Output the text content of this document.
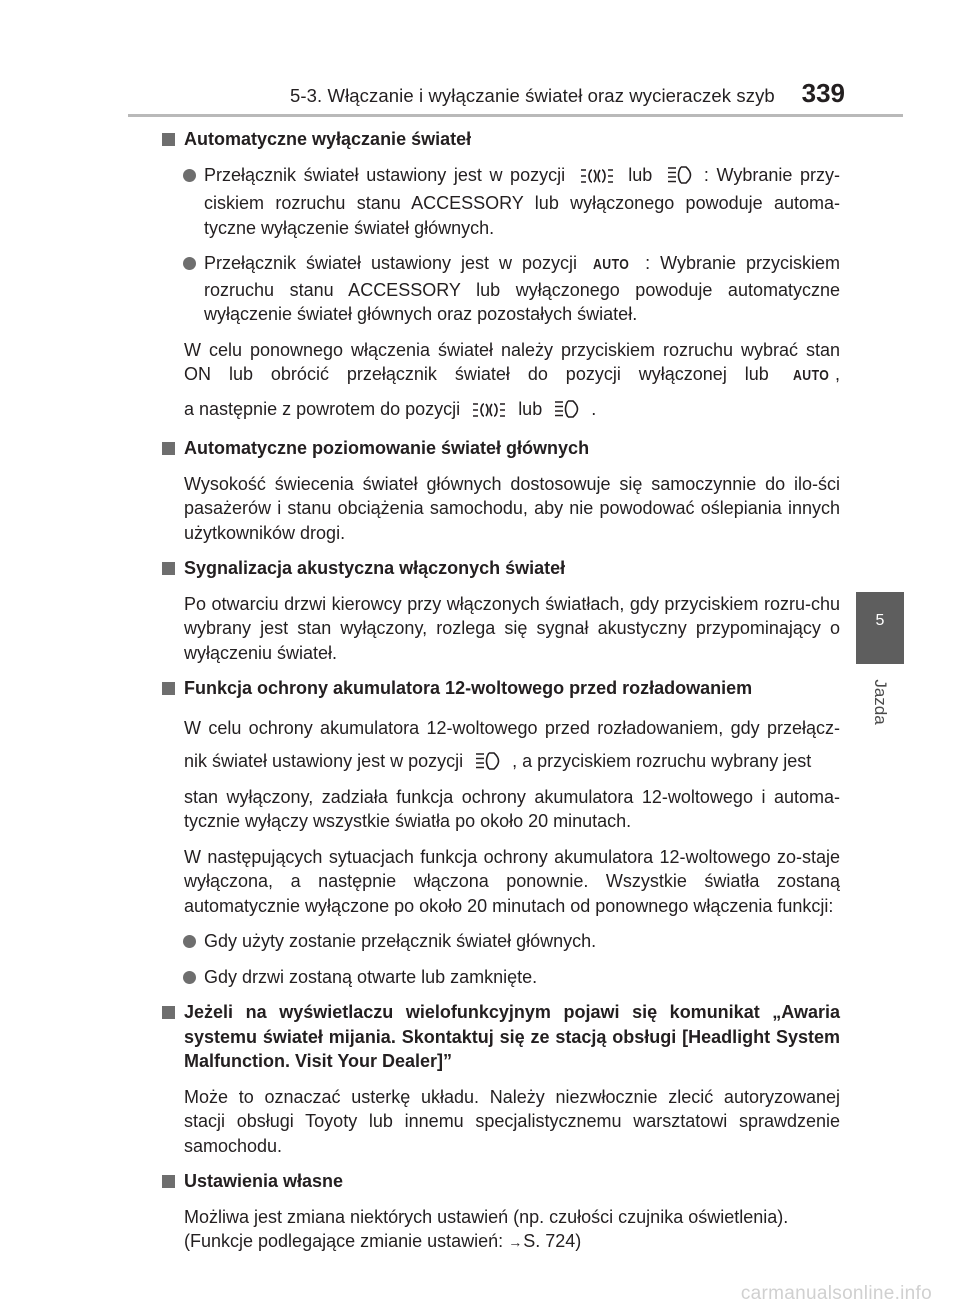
5-3. Włączanie i wyłączanie świateł oraz wycieraczek szyb 339
5
Jazda
Automatyczne wyłączanie świateł
Przełącznik świateł ustawiony jest w pozycji	lub	: Wybranie przy-ciskiem rozruchu stanu ACCESSORY lub wyłączonego powoduje automa-tyczne wyłączenie świateł głównych.
Przełącznik świateł ustawiony jest w pozycji AUTO : Wybranie przyciskiem rozruchu stanu ACCESSORY lub wyłączonego powoduje automatyczne wyłączenie świateł głównych oraz pozostałych świateł.
W celu ponownego włączenia świateł należy przyciskiem rozruchu wybrać stan ON lub obrócić przełącznik świateł do pozycji wyłączonej lub AUTO , a następnie z powrotem do pozycji	lub	.
Automatyczne poziomowanie świateł głównych
Wysokość świecenia świateł głównych dostosowuje się samoczynnie do ilo-ści pasażerów i stanu obciążenia samochodu, aby nie powodować oślepiania innych użytkowników drogi.
Sygnalizacja akustyczna włączonych świateł
Po otwarciu drzwi kierowcy przy włączonych światłach, gdy przyciskiem rozru-chu wybrany jest stan wyłączony, rozlega się sygnał akustyczny przypominający o wyłączeniu świateł.
Funkcja ochrony akumulatora 12-woltowego przed rozładowaniem
W celu ochrony akumulatora 12-woltowego przed rozładowaniem, gdy przełącz-nik świateł ustawiony jest w pozycji	, a przyciskiem rozruchu wybrany jest
stan wyłączony, zadziała funkcja ochrony akumulatora 12-woltowego i automa-tycznie wyłączy wszystkie światła po około 20 minutach.
W następujących sytuacjach funkcja ochrony akumulatora 12-woltowego zo-staje wyłączona, a następnie włączona ponownie. Wszystkie światła zostaną automatycznie wyłączone po około 20 minutach od ponownego włączenia funkcji:
Gdy użyty zostanie przełącznik świateł głównych.
Gdy drzwi zostaną otwarte lub zamknięte.
Jeżeli na wyświetlaczu wielofunkcyjnym pojawi się komunikat „Awaria systemu świateł mijania. Skontaktuj się ze stacją obsługi [Headlight System Malfunction. Visit Your Dealer]”
Może to oznaczać usterkę układu. Należy niezwłocznie zlecić autoryzowanej stacji obsługi Toyoty lub innemu specjalistycznemu warsztatowi sprawdzenie samochodu.
Ustawienia własne
Możliwa jest zmiana niektórych ustawień (np. czułości czujnika oświetlenia).
(Funkcje podlegające zmianie ustawień: →S. 724)
carmanualsonline.info
